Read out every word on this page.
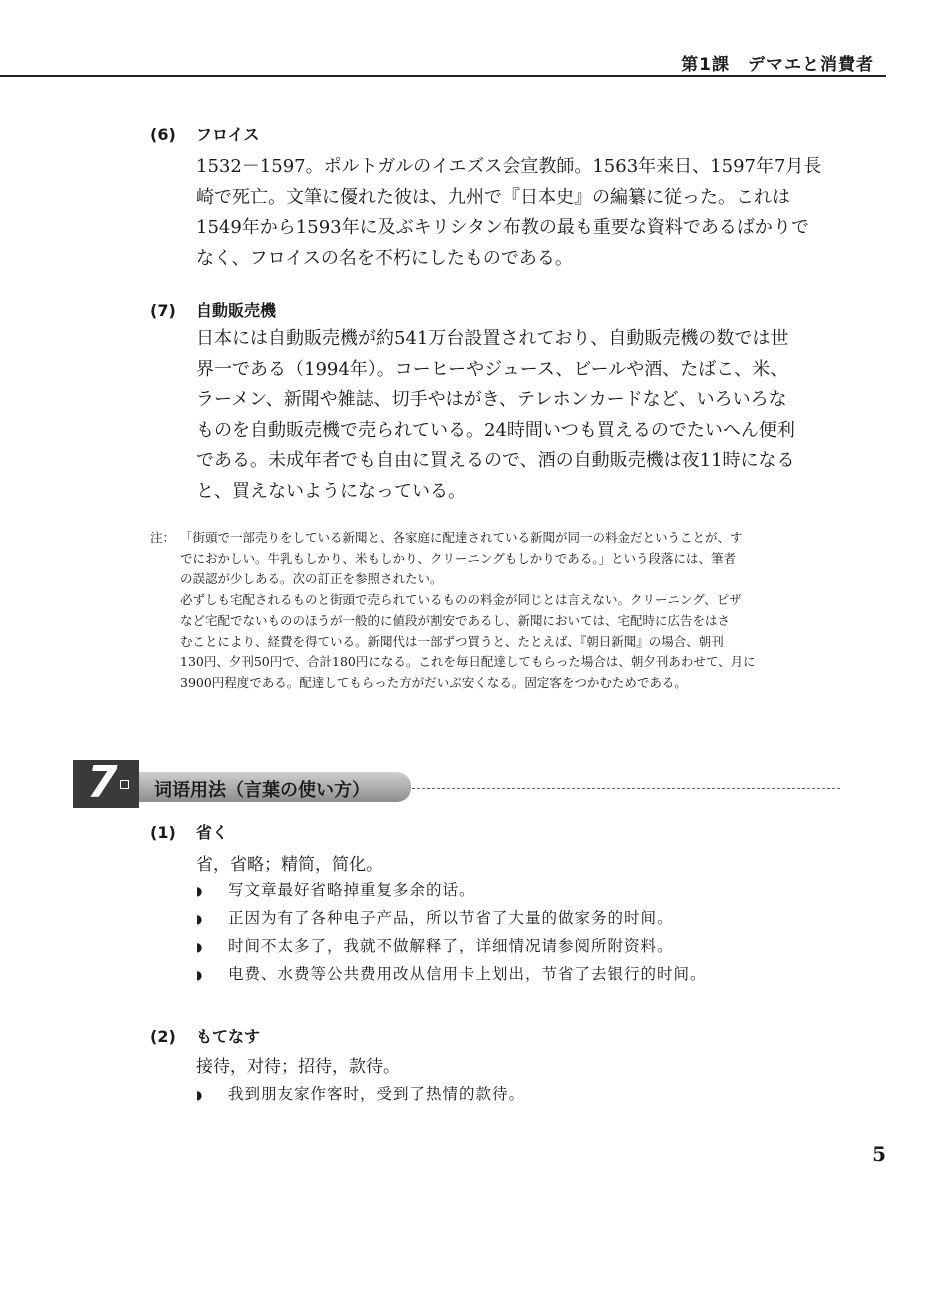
第1課　デマエと消費者
(6) フロイス
1532－1597。ポルトガルのイエズス会宣教師。1563年来日、1597年7月長
崎で死亡。文筆に優れた彼は、九州で『日本史』の編纂に従った。これは
1549年から1593年に及ぶキリシタン布教の最も重要な資料であるばかりで
なく、フロイスの名を不朽にしたものである。
(7) 自動販売機
日本には自動販売機が約541万台設置されており、自動販売機の数では世
界一である（1994年）。コーヒーやジュース、ビールや酒、たばこ、米、
ラーメン、新聞や雑誌、切手やはがき、テレホンカードなど、いろいろな
ものを自動販売機で売られている。24時間いつも買えるのでたいへん便利
である。未成年者でも自由に買えるので、酒の自動販売機は夜11時になる
と、買えないようになっている。
注： 「街頭で一部売りをしている新聞と、各家庭に配達されている新聞が同一の料金だということが、す
でにおかしい。牛乳もしかり、米もしかり、クリーニングもしかりである。」という段落には、筆者
の誤認が少しある。次の訂正を参照されたい。
必ずしも宅配されるものと街頭で売られているものの料金が同じとは言えない。クリーニング、ピザ
など宅配でないもののほうが一般的に値段が割安であるし、新聞においては、宅配時に広告をはさ
むことにより、経費を得ている。新聞代は一部ずつ買うと、たとえば、『朝日新聞』の場合、朝刊
130円、夕刊50円で、合計180円になる。これを毎日配達してもらった場合は、朝夕刊あわせて、月に
3900円程度である。配達してもらった方がだいぶ安くなる。固定客をつかむためである。
7 词语用法（言葉の使い方）
(1) 省く
省，省略；精简，简化。
◗ 写文章最好省略掉重复多余的话。
◗ 正因为有了各种电子产品，所以节省了大量的做家务的时间。
◗ 时间不太多了，我就不做解释了，详细情况请参阅所附资料。
◗ 电费、水费等公共费用改从信用卡上划出，节省了去银行的时间。
(2) もてなす
接待，对待；招待，款待。
◗ 我到朋友家作客时，受到了热情的款待。
5
